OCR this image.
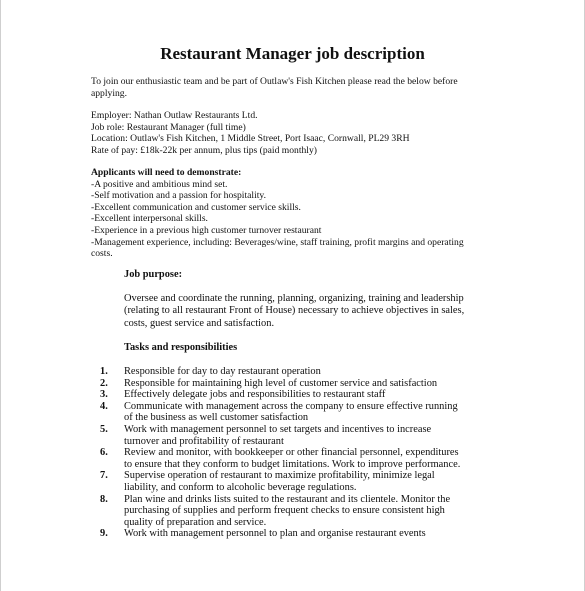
Restaurant Manager job description
To join our enthusiastic team and be part of Outlaw's Fish Kitchen please read the below before
applying.
Employer: Nathan Outlaw Restaurants Ltd.
Job role: Restaurant Manager (full time)
Location: Outlaw's Fish Kitchen, 1 Middle Street, Port Isaac, Cornwall, PL29 3RH
Rate of pay: £18k-22k per annum, plus tips (paid monthly)
Applicants will need to demonstrate:
-A positive and ambitious mind set.
-Self motivation and a passion for hospitality.
-Excellent communication and customer service skills.
-Excellent interpersonal skills.
-Experience in a previous high customer turnover restaurant
-Management experience, including: Beverages/wine, staff training, profit margins and operating
costs.
Job purpose:
Oversee and coordinate the running, planning, organizing, training and leadership
(relating to all restaurant Front of House) necessary to achieve objectives in sales,
costs, guest service and satisfaction.
Tasks and responsibilities
1.	Responsible for day to day restaurant operation
2.	Responsible for maintaining high level of customer service and satisfaction
3.	Effectively delegate jobs and responsibilities to restaurant staff
4.	Communicate with management across the company to ensure effective running
of the business as well customer satisfaction
5.	Work with management personnel to set targets and incentives to increase
turnover and profitability of restaurant
6.	Review and monitor, with bookkeeper or other financial personnel, expenditures
to ensure that they conform to budget limitations. Work to improve performance.
7.	Supervise operation of restaurant to maximize profitability, minimize legal
liability, and conform to alcoholic beverage regulations.
8.	Plan wine and drinks lists suited to the restaurant and its clientele. Monitor the
purchasing of supplies and perform frequent checks to ensure consistent high
quality of preparation and service.
9.	Work with management personnel to plan and organise restaurant events
